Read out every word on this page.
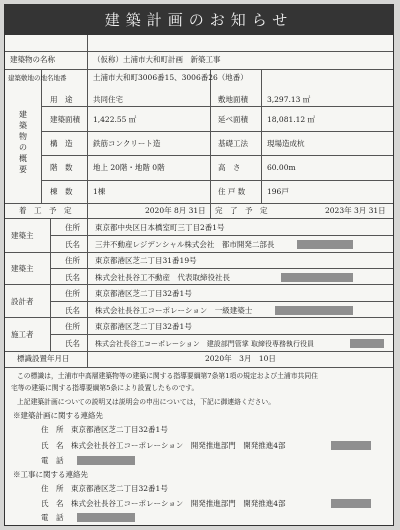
建築計画のお知らせ
建築物の名称	（仮称）土浦市大和町計画　新築工事
建築敷地の地名地番	土浦市大和町3006番15、3006番26（地番）
建
築
物
の
概
要
用　途	共同住宅	敷地面積	3,297.13 ㎡
建築面積 1,422.55 ㎡	延べ面積	18,081.12 ㎡
構　造	鉄筋コンクリート造	基礎工法	現場造成杭
階　数	地上 20階・地階 0階	高　さ	60.00m
棟　数	1棟	住 戸 数	196戸
着　工　予　定	2020年 8月 31日 完　了　予　定	2023年 3月 31日
建築主
住所 東京都中央区日本橋室町三丁目2番1号
氏名 三井不動産レジデンシャル株式会社　都市開発二部長
建築主
住所 東京都港区芝二丁目31番19号
氏名 株式会社長谷工不動産　代表取締役社長
設計者
住所 東京都港区芝二丁目32番1号
氏名 株式会社長谷工コーポレーション　一級建築士
施工者
住所 東京都港区芝二丁目32番1号
氏名 株式会社長谷工コーポレーション　建設部門管掌 取締役専務執行役員
標識設置年月日	2020年　3月　10日
この標識は，土浦市中高層建築物等の建築に関する指導要綱第7条第1項の規定および土浦市共同住
宅等の建築に関する指導要綱第5条により設置したものです。
上記建築計画についての説明又は説明会の申出については，下記に御連絡ください。
※建築計画に関する連絡先
住　所　東京都港区芝二丁目32番1号
氏　名　株式会社長谷工コーポレーション　開発推進部門　開発推進4部
電　話
※工事に関する連絡先
住　所　東京都港区芝二丁目32番1号
氏　名　株式会社長谷工コーポレーション　開発推進部門　開発推進4部
電　話
